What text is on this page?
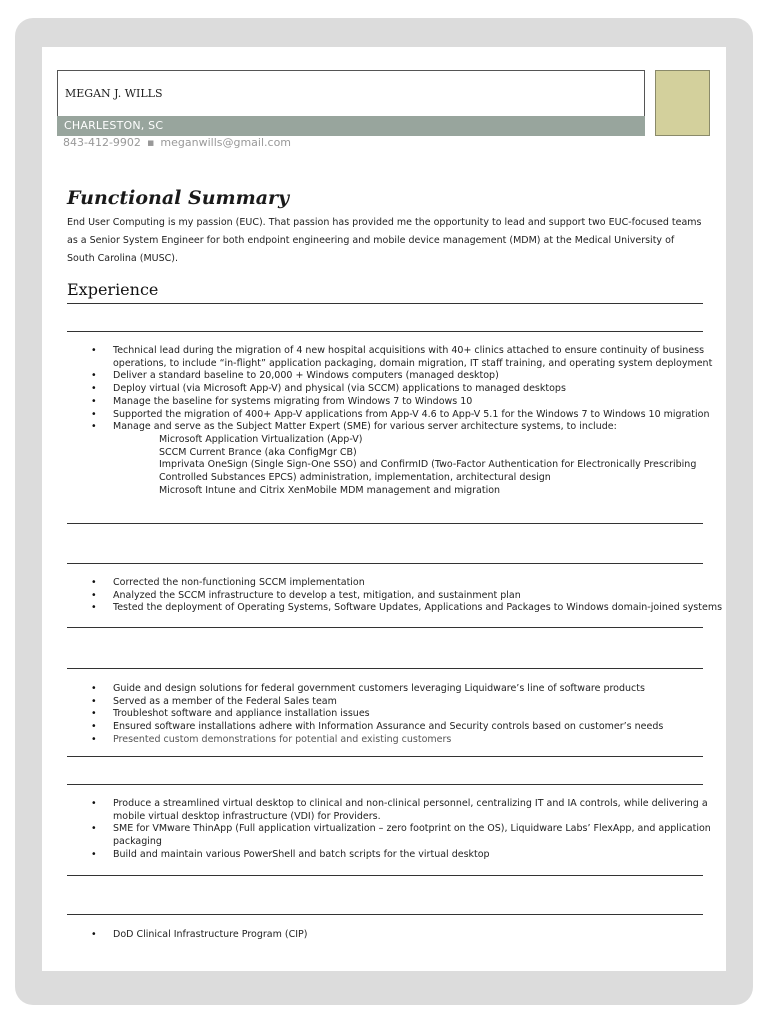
MEGAN J. WILLS
CHARLESTON, SC
843-412-9902 ▪ meganwills@gmail.com
Functional Summary
End User Computing is my passion (EUC). That passion has provided me the opportunity to lead and support two EUC-focused teams as a Senior System Engineer for both endpoint engineering and mobile device management (MDM) at the Medical University of South Carolina (MUSC).
Experience
• Technical lead during the migration of 4 new hospital acquisitions with 40+ clinics attached to ensure continuity of business operations, to include “in-flight” application packaging, domain migration, IT staff training, and operating system deployment
• Deliver a standard baseline to 20,000 + Windows computers (managed desktop)
• Deploy virtual (via Microsoft App-V) and physical (via SCCM) applications to managed desktops
• Manage the baseline for systems migrating from Windows 7 to Windows 10
• Supported the migration of 400+ App-V applications from App-V 4.6 to App-V 5.1 for the Windows 7 to Windows 10 migration
• Manage and serve as the Subject Matter Expert (SME) for various server architecture systems, to include:
Microsoft Application Virtualization (App-V)
SCCM Current Brance (aka ConfigMgr CB)
Imprivata OneSign (Single Sign-One SSO) and ConfirmID (Two-Factor Authentication for Electronically Prescribing Controlled Substances EPCS) administration, implementation, architectural design
Microsoft Intune and Citrix XenMobile MDM management and migration
• Corrected the non-functioning SCCM implementation
• Analyzed the SCCM infrastructure to develop a test, mitigation, and sustainment plan
• Tested the deployment of Operating Systems, Software Updates, Applications and Packages to Windows domain-joined systems
• Guide and design solutions for federal government customers leveraging Liquidware’s line of software products
• Served as a member of the Federal Sales team
• Troubleshot software and appliance installation issues
• Ensured software installations adhere with Information Assurance and Security controls based on customer’s needs
• Presented custom demonstrations for potential and existing customers
• Produce a streamlined virtual desktop to clinical and non-clinical personnel, centralizing IT and IA controls, while delivering a mobile virtual desktop infrastructure (VDI) for Providers.
• SME for VMware ThinApp (Full application virtualization – zero footprint on the OS), Liquidware Labs’ FlexApp, and application packaging
• Build and maintain various PowerShell and batch scripts for the virtual desktop
• DoD Clinical Infrastructure Program (CIP)
